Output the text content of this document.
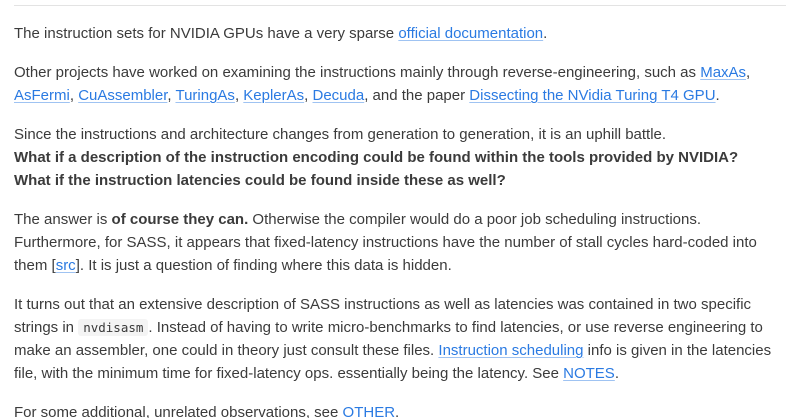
The instruction sets for NVIDIA GPUs have a very sparse official documentation.

Other projects have worked on examining the instructions mainly through reverse-engineering, such as MaxAs, AsFermi, CuAssembler, TuringAs, KeplerAs, Decuda, and the paper Dissecting the NVidia Turing T4 GPU.

Since the instructions and architecture changes from generation to generation, it is an uphill battle.
What if a description of the instruction encoding could be found within the tools provided by NVIDIA?
What if the instruction latencies could be found inside these as well?

The answer is of course they can. Otherwise the compiler would do a poor job scheduling instructions. Furthermore, for SASS, it appears that fixed-latency instructions have the number of stall cycles hard-coded into them [src]. It is just a question of finding where this data is hidden.

It turns out that an extensive description of SASS instructions as well as latencies was contained in two specific strings in nvdisasm . Instead of having to write micro-benchmarks to find latencies, or use reverse engineering to make an assembler, one could in theory just consult these files. Instruction scheduling info is given in the latencies file, with the minimum time for fixed-latency ops. essentially being the latency. See NOTES.

For some additional, unrelated observations, see OTHER.
